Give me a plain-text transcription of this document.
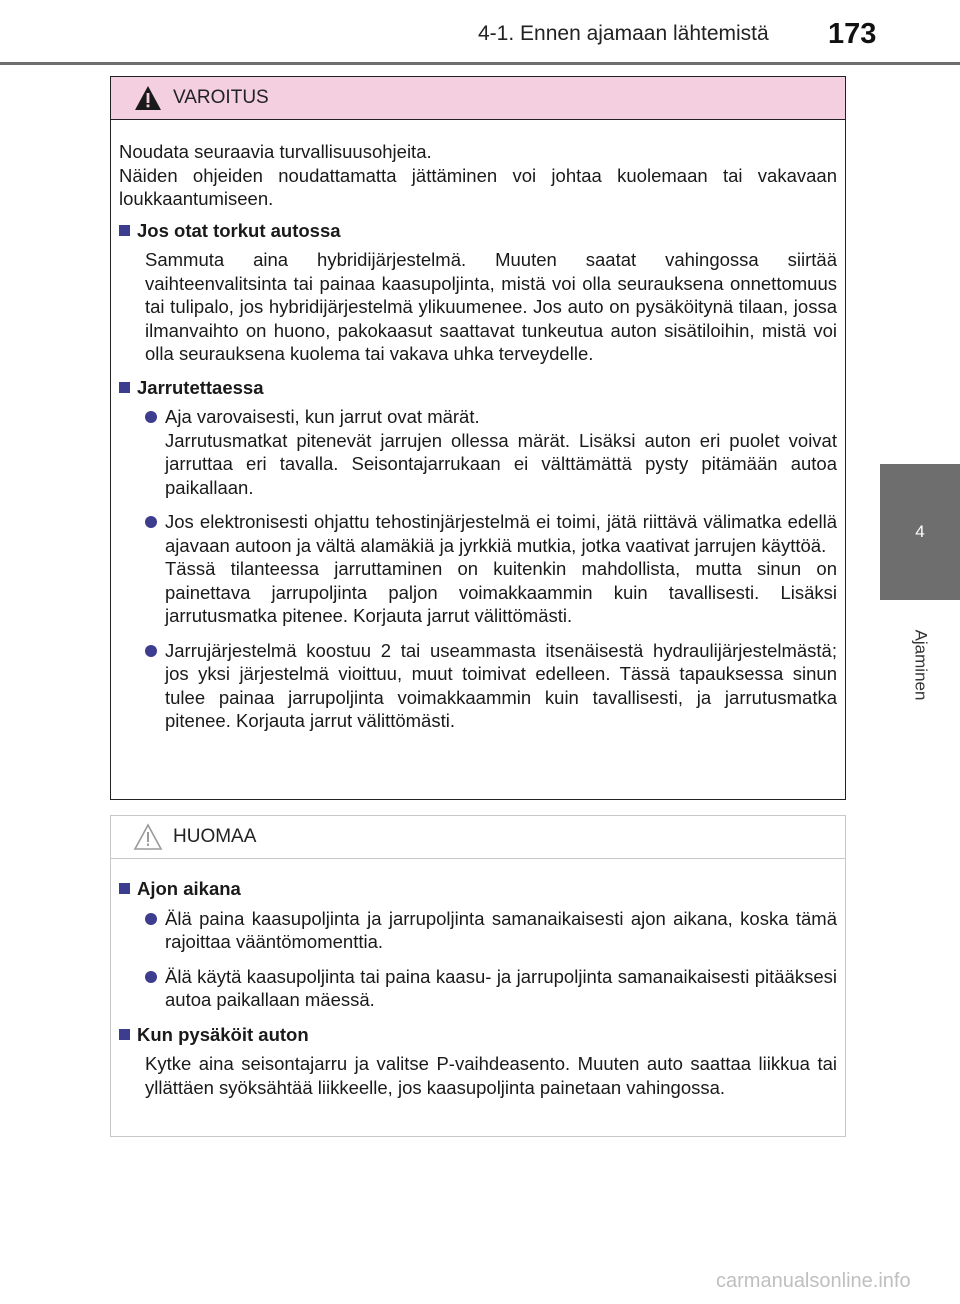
4-1. Ennen ajamaan lähtemistä 173
4
Ajaminen
VAROITUS

Noudata seuraavia turvallisuusohjeita.
Näiden ohjeiden noudattamatta jättäminen voi johtaa kuolemaan tai vakavaan loukkaantumiseen.

Jos otat torkut autossa

Sammuta aina hybridijärjestelmä. Muuten saatat vahingossa siirtää vaihteenvalitsinta tai painaa kaasupoljinta, mistä voi olla seurauksena onnettomuus tai tulipalo, jos hybridijärjestelmä ylikuumenee. Jos auto on pysäköitynä tilaan, jossa ilmanvaihto on huono, pakokaasut saattavat tunkeutua auton sisätiloihin, mistä voi olla seurauksena kuolema tai vakava uhka terveydelle.

Jarrutettaessa
Aja varovaisesti, kun jarrut ovat märät.
Jarrutusmatkat pitenevät jarrujen ollessa märät. Lisäksi auton eri puolet voivat jarruttaa eri tavalla. Seisontajarrukaan ei välttämättä pysty pitämään autoa paikallaan.
Jos elektronisesti ohjattu tehostinjärjestelmä ei toimi, jätä riittävä välimatka edellä ajavaan autoon ja vältä alamäkiä ja jyrkkiä mutkia, jotka vaativat jarrujen käyttöä.
Tässä tilanteessa jarruttaminen on kuitenkin mahdollista, mutta sinun on painettava jarrupoljinta paljon voimakkaammin kuin tavallisesti. Lisäksi jarrutusmatka pitenee. Korjauta jarrut välittömästi.
Jarrujärjestelmä koostuu 2 tai useammasta itsenäisestä hydraulijärjestelmästä; jos yksi järjestelmä vioittuu, muut toimivat edelleen. Tässä tapauksessa sinun tulee painaa jarrupoljinta voimakkaammin kuin tavallisesti, ja jarrutusmatka pitenee. Korjauta jarrut välittömästi.
HUOMAA
Ajon aikana
Älä paina kaasupoljinta ja jarrupoljinta samanaikaisesti ajon aikana, koska tämä rajoittaa vääntömomenttia.
Älä käytä kaasupoljinta tai paina kaasu- ja jarrupoljinta samanaikaisesti pitääksesi autoa paikallaan mäessä.
Kun pysäköit auton

Kytke aina seisontajarru ja valitse P-vaihdeasento. Muuten auto saattaa liikkua tai yllättäen syöksähtää liikkeelle, jos kaasupoljinta painetaan vahingossa.

carmanualsonline.info
